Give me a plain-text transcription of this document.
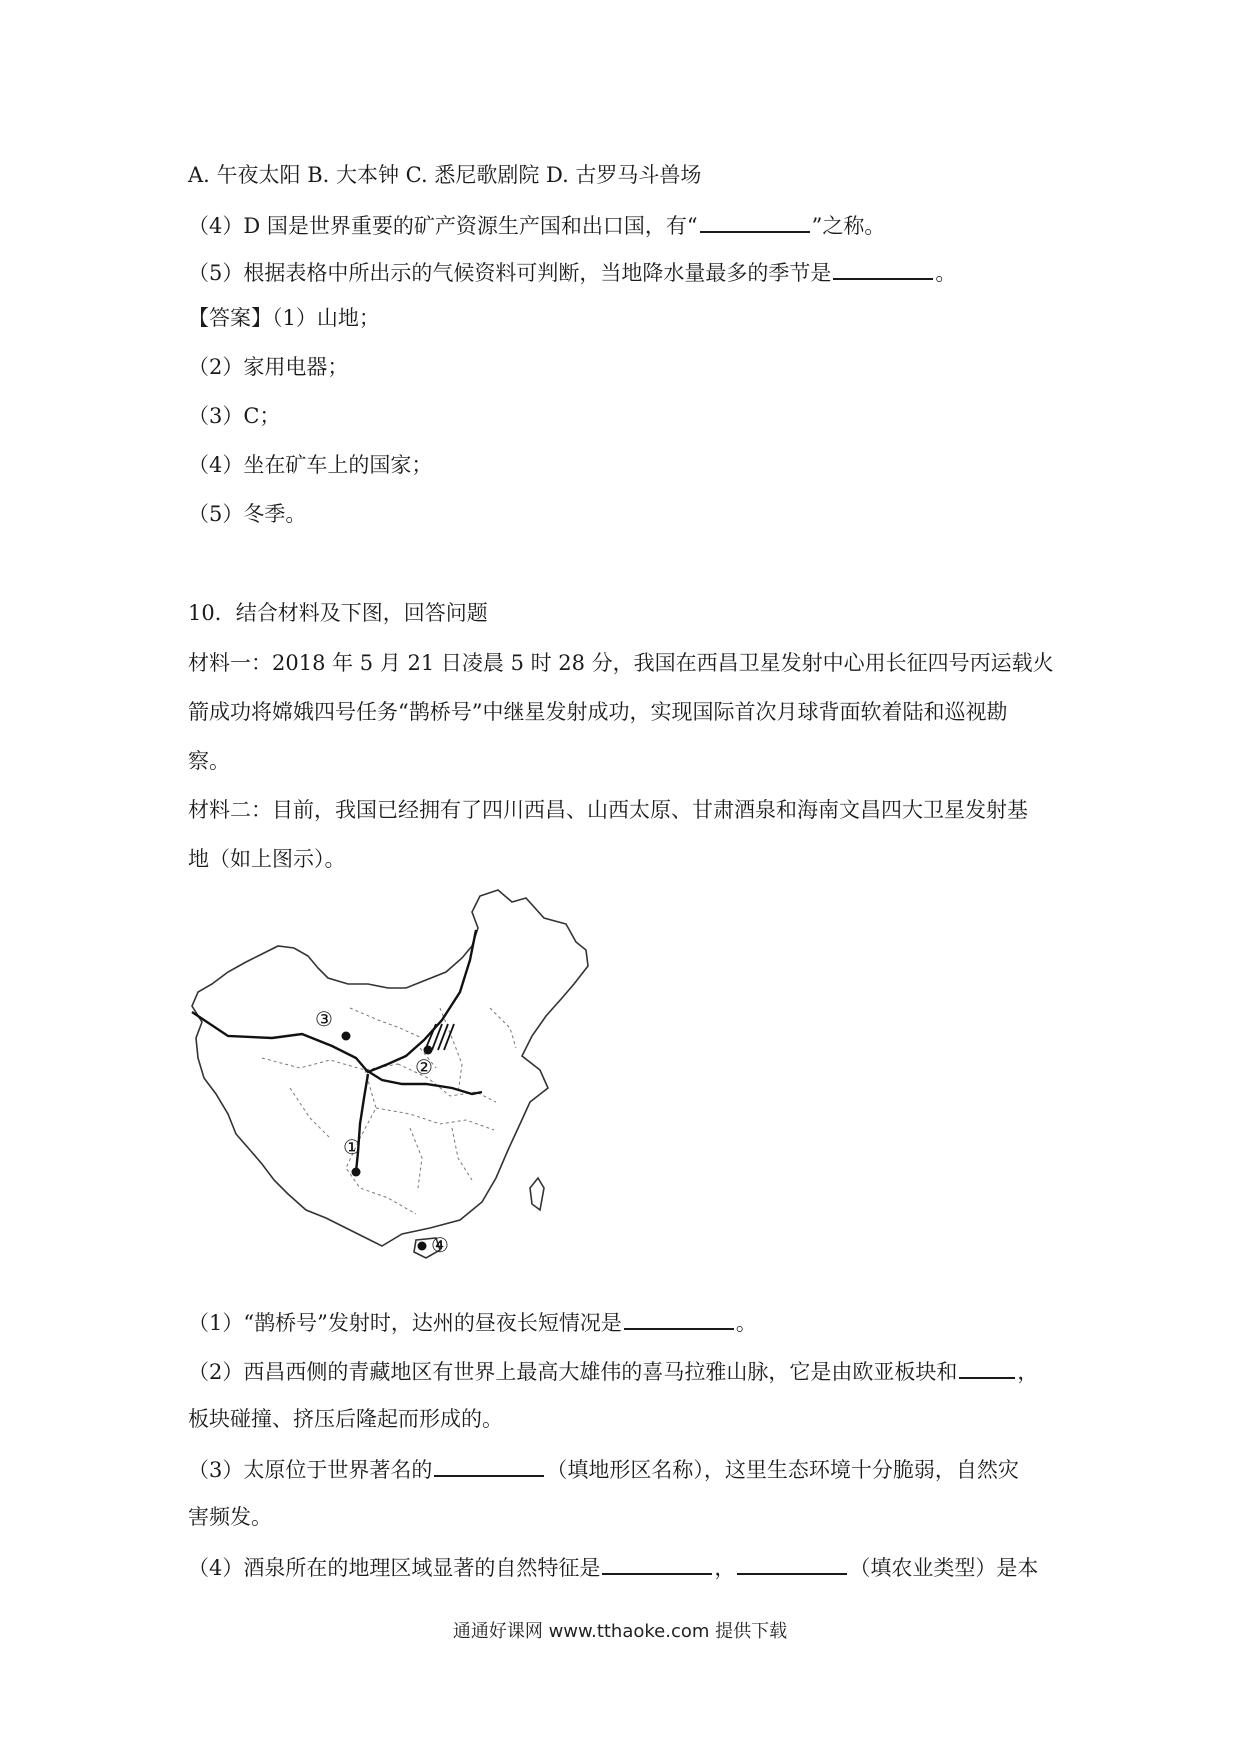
A. 午夜太阳 B. 大本钟 C. 悉尼歌剧院 D. 古罗马斗兽场
（4）D 国是世界重要的矿产资源生产国和出口国，有“	”之称。
（5）根据表格中所出示的气候资料可判断，当地降水量最多的季节是	。
【答案】（1）山地；
（2）家用电器；
（3）C；
（4）坐在矿车上的国家；
（5）冬季。
10．结合材料及下图，回答问题
材料一：2018 年 5 月 21 日凌晨 5 时 28 分，我国在西昌卫星发射中心用长征四号丙运载火
箭成功将嫦娥四号任务“鹊桥号”中继星发射成功，实现国际首次月球背面软着陆和巡视勘
察。
材料二：目前，我国已经拥有了四川西昌、山西太原、甘肃酒泉和海南文昌四大卫星发射基
地（如上图示）。
①
②
③
④
（1）“鹊桥号”发射时，达州的昼夜长短情况是	。
（2）西昌西侧的青藏地区有世界上最高大雄伟的喜马拉雅山脉，它是由欧亚板块和	，
板块碰撞、挤压后隆起而形成的。
（3）太原位于世界著名的	（填地形区名称），这里生态环境十分脆弱，自然灾
害频发。
（4）酒泉所在的地理区域显著的自然特征是	，	（填农业类型）是本
通通好课网 www.tthaoke.com 提供下载
